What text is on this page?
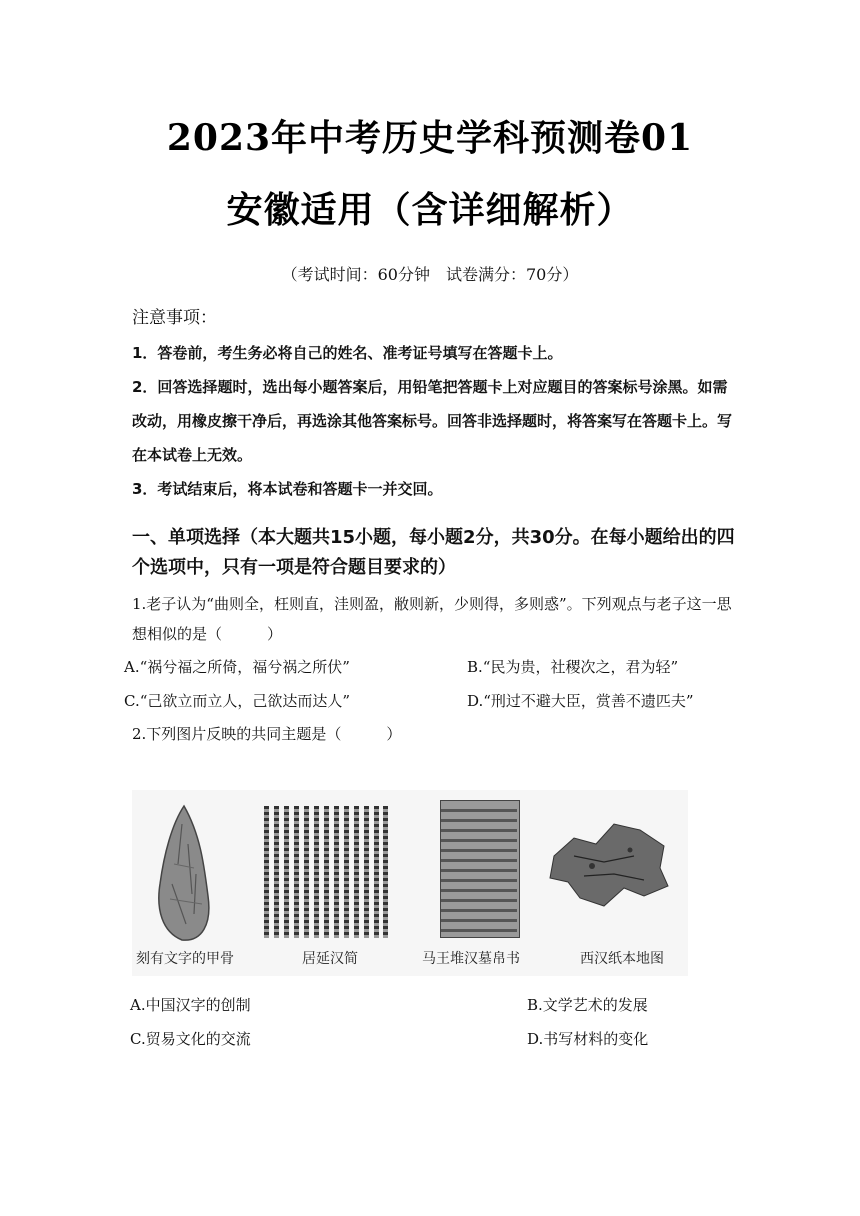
2023年中考历史学科预测卷01
安徽适用（含详细解析）
（考试时间：60分钟　试卷满分：70分）
注意事项：
1．答卷前，考生务必将自己的姓名、准考证号填写在答题卡上。
2．回答选择题时，选出每小题答案后，用铅笔把答题卡上对应题目的答案标号涂黑。如需改动，用橡皮擦干净后，再选涂其他答案标号。回答非选择题时，将答案写在答题卡上。写在本试卷上无效。
3．考试结束后，将本试卷和答题卡一并交回。
一、单项选择（本大题共15小题，每小题2分，共30分。在每小题给出的四个选项中，只有一项是符合题目要求的）
1.老子认为“曲则全，枉则直，洼则盈，敝则新，少则得，多则惑”。下列观点与老子这一思想相似的是（　　　）
A.“祸兮福之所倚，福兮祸之所伏”	B.“民为贵，社稷次之，君为轻”
C.“己欲立而立人，己欲达而达人”	D.“刑过不避大臣，赏善不遗匹夫”
2.下列图片反映的共同主题是（　　　）
刻有文字的甲骨	居延汉简	马王堆汉墓帛书	西汉纸本地图
A.中国汉字的创制	B.文学艺术的发展
C.贸易文化的交流	D.书写材料的变化
